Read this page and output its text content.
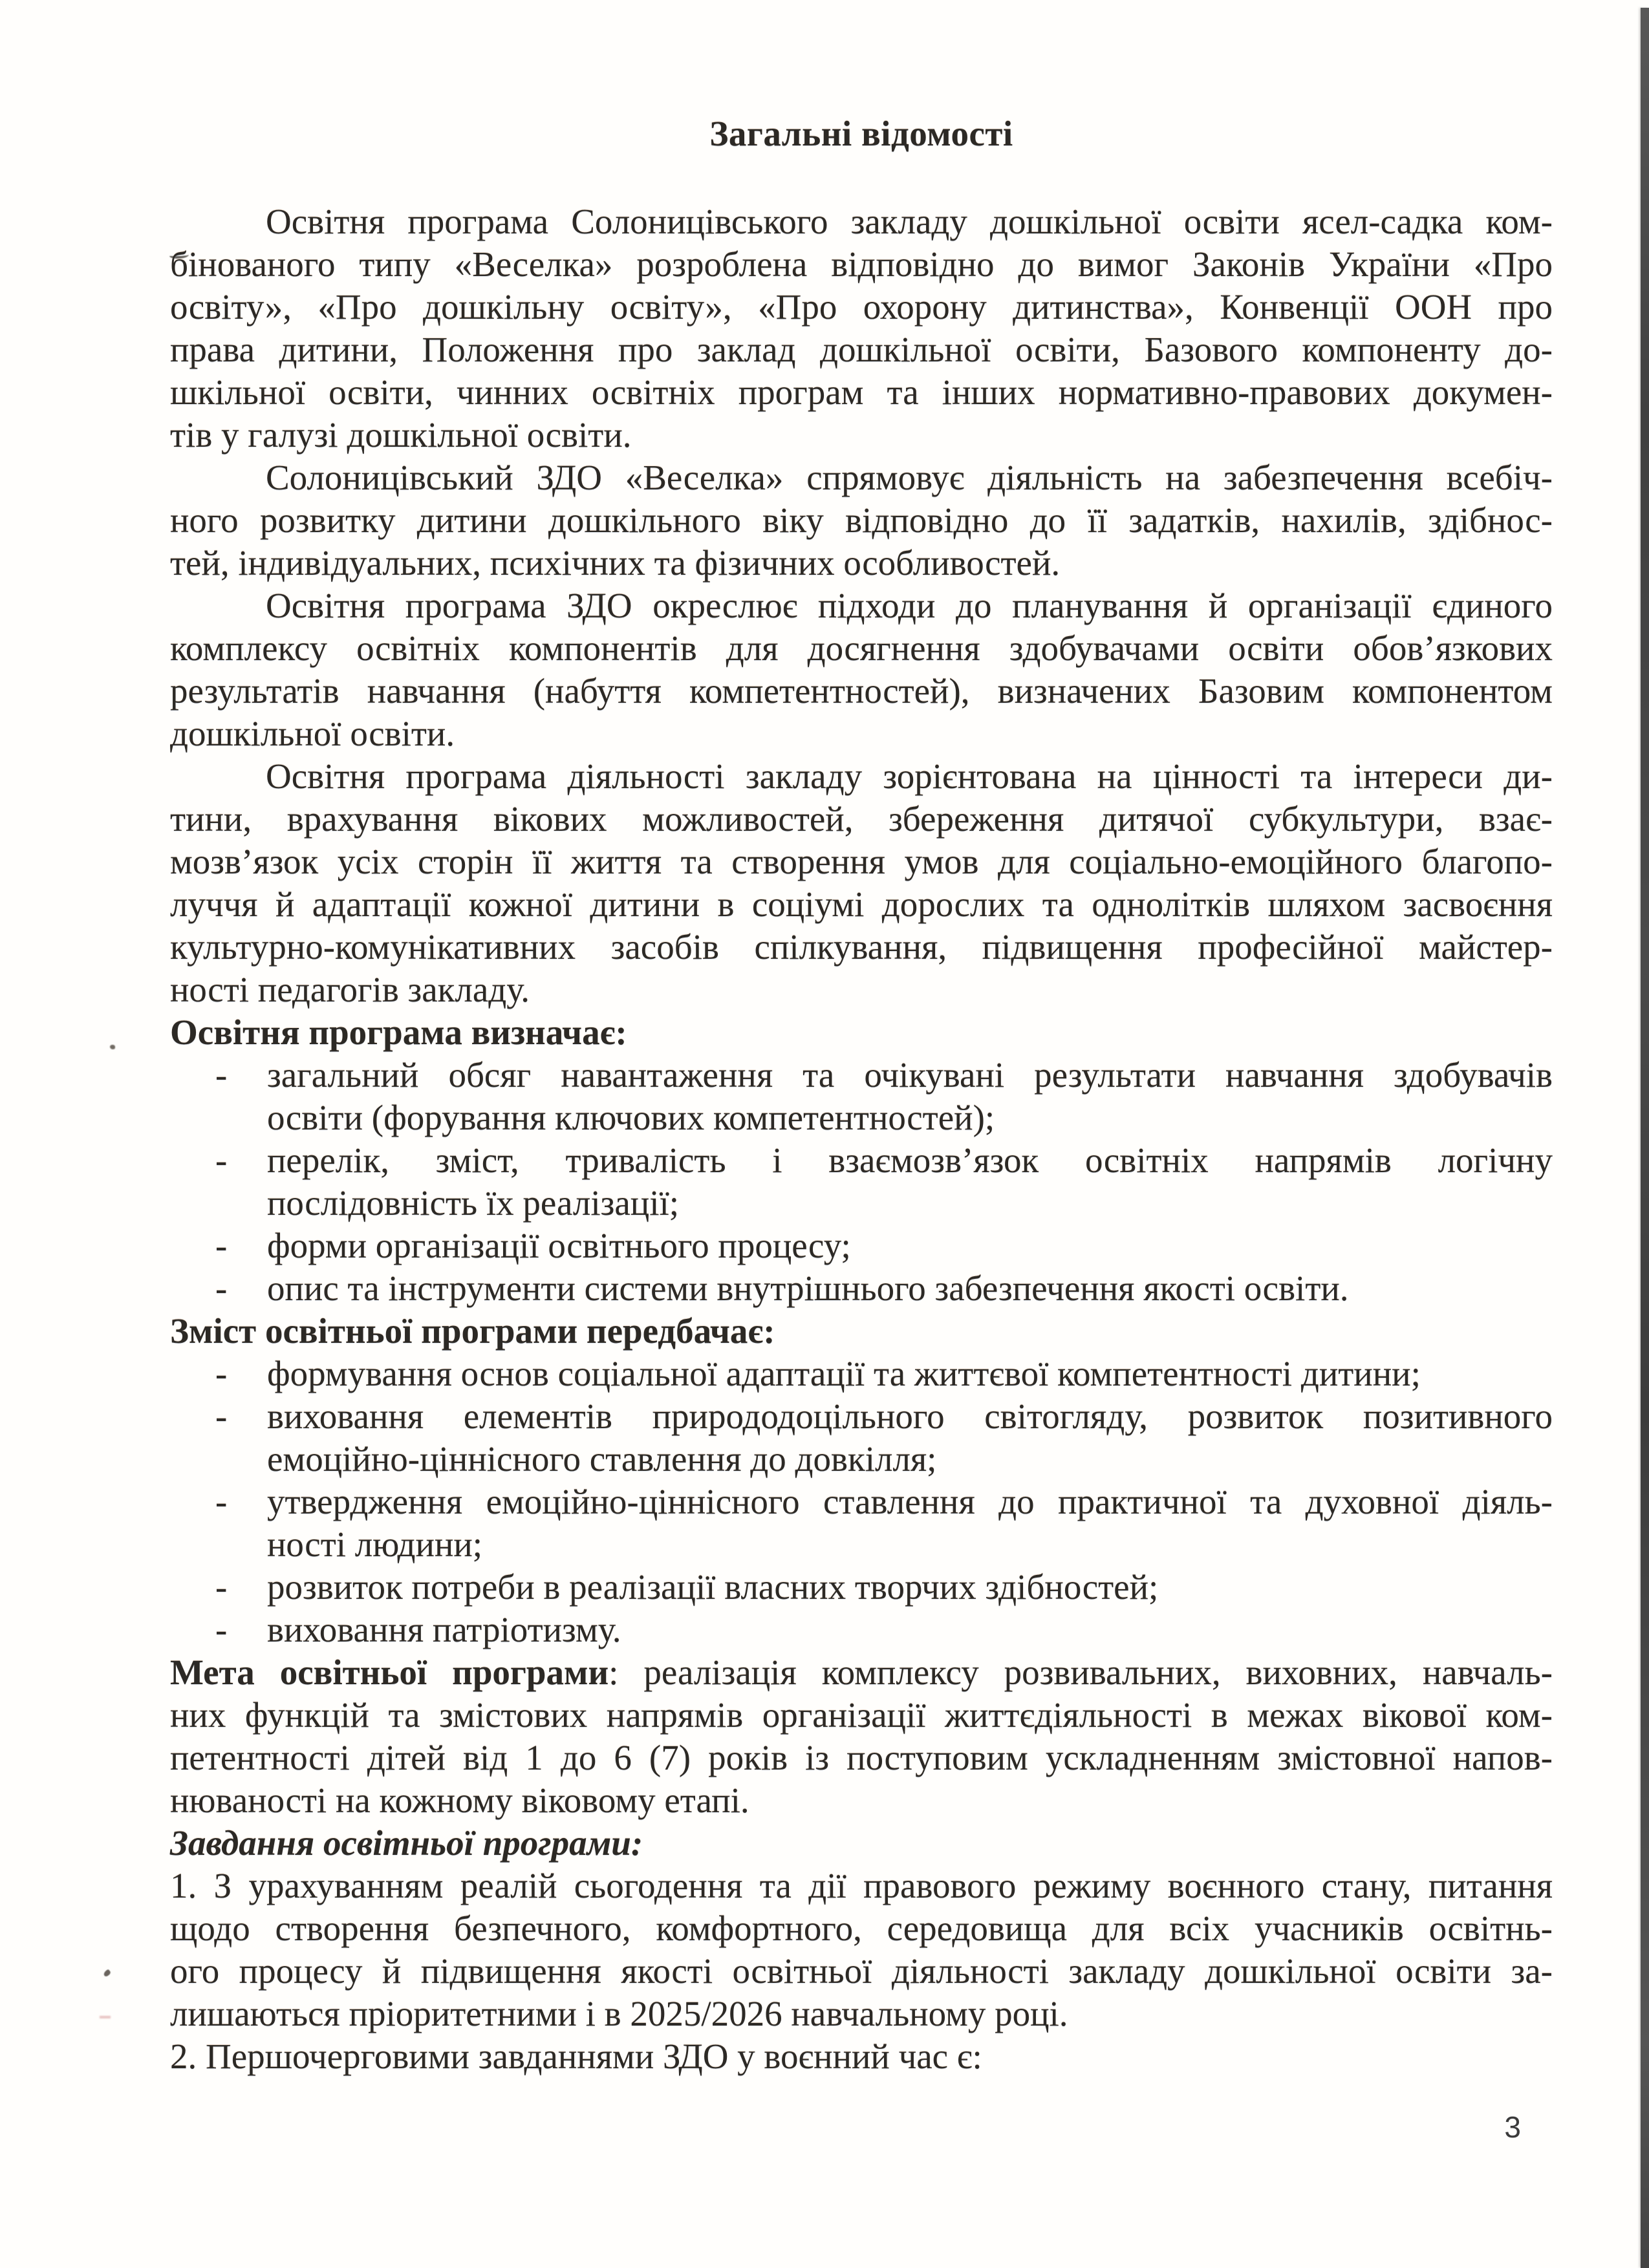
Загальні відомості
Освітня програма Солоницівського закладу дошкільної освіти ясел-садка ком-
бінованого типу «Веселка» розроблена відповідно до вимог Законів України «Про
освіту», «Про дошкільну освіту», «Про охорону дитинства», Конвенції ООН про
права дитини, Положення про заклад дошкільної освіти, Базового компоненту до-
шкільної освіти, чинних освітніх програм та інших нормативно-правових докумен-
тів у галузі дошкільної освіти.
Солоницівський ЗДО «Веселка» спрямовує діяльність на забезпечення всебіч-
ного розвитку дитини дошкільного віку відповідно до її задатків, нахилів, здібнос-
тей, індивідуальних, психічних та фізичних особливостей.
Освітня програма ЗДО окреслює підходи до планування й організації єдиного
комплексу освітніх компонентів для досягнення здобувачами освіти обов’язкових
результатів навчання (набуття компетентностей), визначених Базовим компонентом
дошкільної освіти.
Освітня програма діяльності закладу зорієнтована на цінності та інтереси ди-
тини, врахування вікових можливостей, збереження дитячої субкультури, взає-
мозв’язок усіх сторін її життя та створення умов для соціально-емоційного благопо-
луччя й адаптації кожної дитини в соціумі дорослих та однолітків шляхом засвоєння
культурно-комунікативних засобів спілкування, підвищення професійної майстер-
ності педагогів закладу.
Освітня програма визначає:
-	загальний обсяг навантаження та очікувані результати навчання здобувачів
освіти (форування ключових компетентностей);
-	перелік, зміст, тривалість і взаємозв’язок освітніх напрямів логічну
послідовність їх реалізації;
-	форми організації освітнього процесу;
-	опис та інструменти системи внутрішнього забезпечення якості освіти.
Зміст освітньої програми передбачає:
-	формування основ соціальної адаптації та життєвої компетентності дитини;
-	виховання елементів природодоцільного світогляду, розвиток позитивного
емоційно-ціннісного ставлення до довкілля;
-	утвердження емоційно-ціннісного ставлення до практичної та духовної діяль-
ності людини;
-	розвиток потреби в реалізації власних творчих здібностей;
-	виховання патріотизму.
Мета освітньої програми: реалізація комплексу розвивальних, виховних, навчаль-
них функцій та змістових напрямів організації життєдіяльності в межах вікової ком-
петентності дітей від 1 до 6 (7) років із поступовим ускладненням змістовної напов-
нюваності на кожному віковому етапі.
Завдання освітньої програми:
1. З урахуванням реалій сьогодення та дії правового режиму воєнного стану, питання
щодо створення безпечного, комфортного, середовища для всіх учасників освітнь-
ого процесу й підвищення якості освітньої діяльності закладу дошкільної освіти за-
лишаються пріоритетними і в 2025/2026 навчальному році.
2. Першочерговими завданнями ЗДО у воєнний час є:
3
